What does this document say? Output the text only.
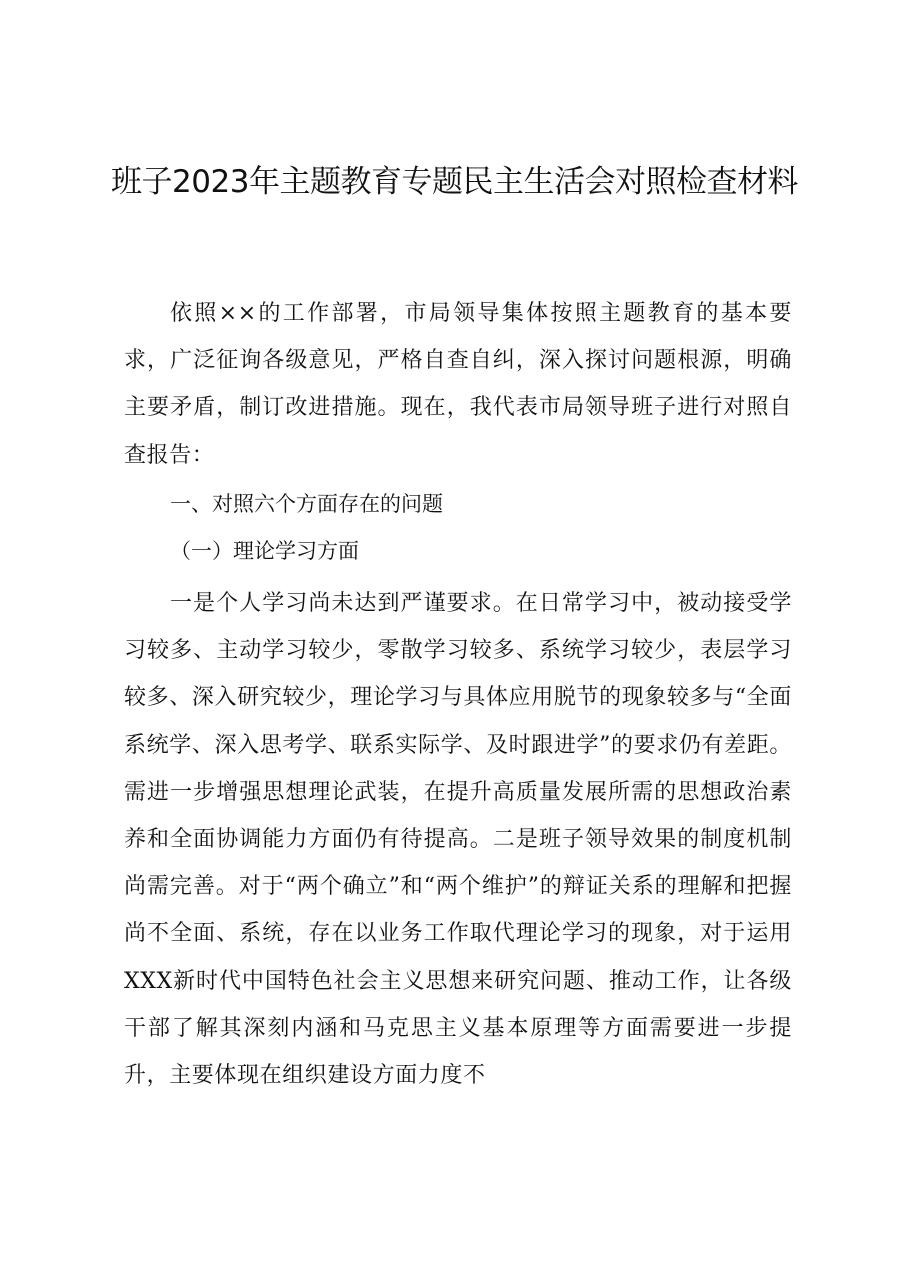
班子2023年主题教育专题民主生活会对照检查材料

依照××的工作部署，市局领导集体按照主题教育的基本要求，广泛征询各级意见，严格自查自纠，深入探讨问题根源，明确主要矛盾，制订改进措施。现在，我代表市局领导班子进行对照自查报告：

一、对照六个方面存在的问题
（一）理论学习方面

一是个人学习尚未达到严谨要求。在日常学习中，被动接受学习较多、主动学习较少，零散学习较多、系统学习较少，表层学习较多、深入研究较少，理论学习与具体应用脱节的现象较多与“全面系统学、深入思考学、联系实际学、及时跟进学”的要求仍有差距。需进一步增强思想理论武装，在提升高质量发展所需的思想政治素养和全面协调能力方面仍有待提高。二是班子领导效果的制度机制尚需完善。对于“两个确立”和“两个维护”的辩证关系的理解和把握尚不全面、系统，存在以业务工作取代理论学习的现象，对于运用XXX新时代中国特色社会主义思想来研究问题、推动工作，让各级干部了解其深刻内涵和马克思主义基本原理等方面需要进一步提升，主要体现在组织建设方面力度不
